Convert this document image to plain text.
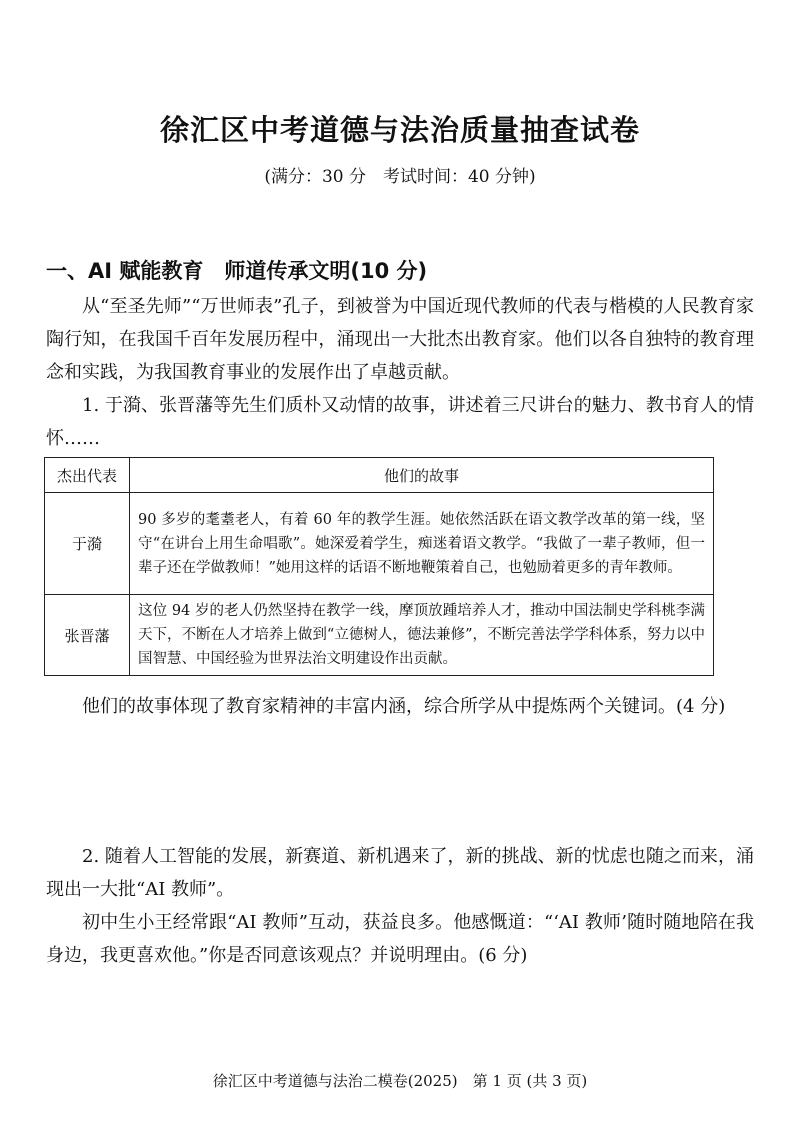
徐汇区中考道德与法治质量抽查试卷
(满分：30 分　考试时间：40 分钟)
一、AI 赋能教育　师道传承文明(10 分)
从“至圣先师”“万世师表”孔子，到被誉为中国近现代教师的代表与楷模的人民教育家陶行知，在我国千百年发展历程中，涌现出一大批杰出教育家。他们以各自独特的教育理念和实践，为我国教育事业的发展作出了卓越贡献。
1. 于漪、张晋藩等先生们质朴又动情的故事，讲述着三尺讲台的魅力、教书育人的情怀……
杰出代表	他们的故事
于漪	90 多岁的耄耋老人，有着 60 年的教学生涯。她依然活跃在语文教学改革的第一线，坚守“在讲台上用生命唱歌”。她深爱着学生，痴迷着语文教学。“我做了一辈子教师，但一辈子还在学做教师！”她用这样的话语不断地鞭策着自己，也勉励着更多的青年教师。
张晋藩	这位 94 岁的老人仍然坚持在教学一线，摩顶放踵培养人才，推动中国法制史学科桃李满天下，不断在人才培养上做到“立德树人，德法兼修”，不断完善法学学科体系，努力以中国智慧、中国经验为世界法治文明建设作出贡献。
他们的故事体现了教育家精神的丰富内涵，综合所学从中提炼两个关键词。(4 分)
2. 随着人工智能的发展，新赛道、新机遇来了，新的挑战、新的忧虑也随之而来，涌现出一大批“AI 教师”。
初中生小王经常跟“AI 教师”互动，获益良多。他感慨道：“‘AI 教师’随时随地陪在我身边，我更喜欢他。”你是否同意该观点？并说明理由。(6 分)
徐汇区中考道德与法治二模卷(2025)　第 1 页 (共 3 页)
